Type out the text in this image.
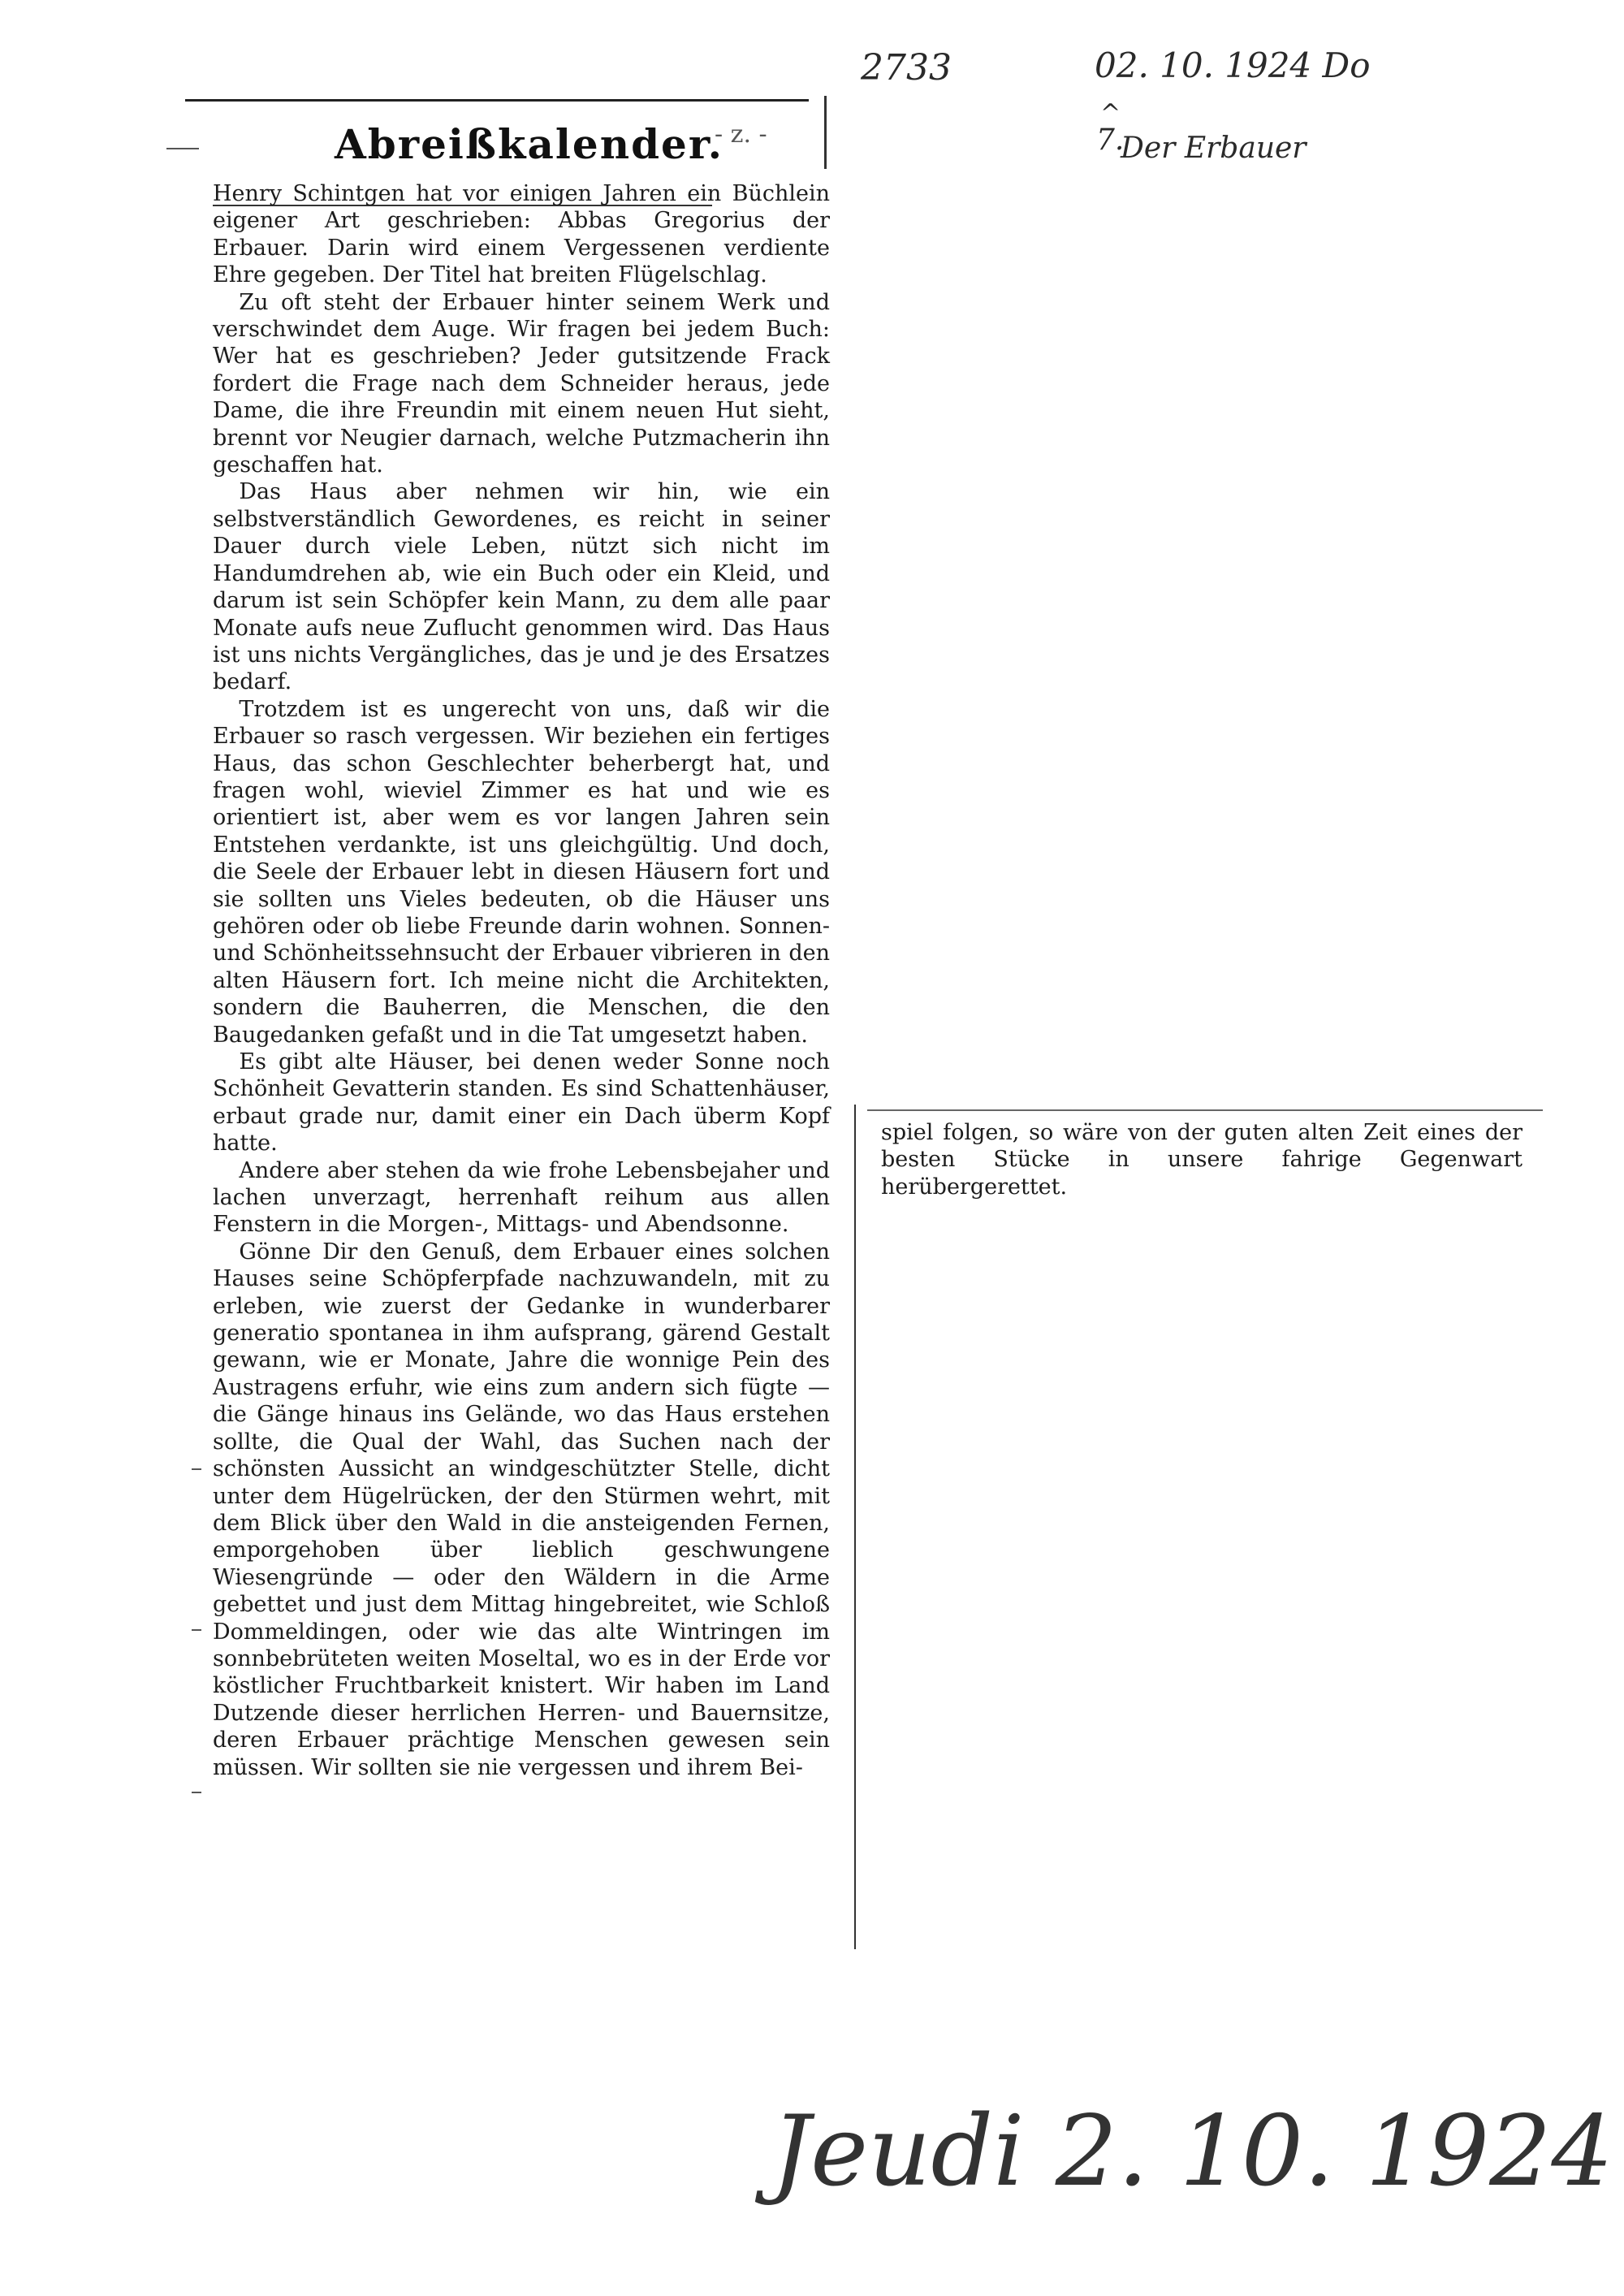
2733	02. 10. 1924 Do
7.
^
Der Erbauer
Abreißkalender.
- z. -

Henry Schintgen hat vor einigen Jahren ein Büchlein eigener Art geschrieben: Abbas Gregorius der Erbauer. Darin wird einem Vergessenen verdiente Ehre gegeben. Der Titel hat breiten Flügelschlag.

Zu oft steht der Erbauer hinter seinem Werk und verschwindet dem Auge. Wir fragen bei jedem Buch: Wer hat es geschrieben? Jeder gutsitzende Frack fordert die Frage nach dem Schneider heraus, jede Dame, die ihre Freundin mit einem neuen Hut sieht, brennt vor Neugier darnach, welche Putzmacherin ihn geschaffen hat.

Das Haus aber nehmen wir hin, wie ein selbstverständlich Gewordenes, es reicht in seiner Dauer durch viele Leben, nützt sich nicht im Handumdrehen ab, wie ein Buch oder ein Kleid, und darum ist sein Schöpfer kein Mann, zu dem alle paar Monate aufs neue Zuflucht genommen wird. Das Haus ist uns nichts Vergängliches, das je und je des Ersatzes bedarf.

Trotzdem ist es ungerecht von uns, daß wir die Erbauer so rasch vergessen. Wir beziehen ein fertiges Haus, das schon Geschlechter beherbergt hat, und fragen wohl, wieviel Zimmer es hat und wie es orientiert ist, aber wem es vor langen Jahren sein Entstehen verdankte, ist uns gleichgültig. Und doch, die Seele der Erbauer lebt in diesen Häusern fort und sie sollten uns Vieles bedeuten, ob die Häuser uns gehören oder ob liebe Freunde darin wohnen. Sonnen- und Schönheitssehnsucht der Erbauer vibrieren in den alten Häusern fort. Ich meine nicht die Architekten, sondern die Bauherren, die Menschen, die den Baugedanken gefaßt und in die Tat umgesetzt haben.

Es gibt alte Häuser, bei denen weder Sonne noch Schönheit Gevatterin standen. Es sind Schattenhäuser, erbaut grade nur, damit einer ein Dach überm Kopf hatte.

Andere aber stehen da wie frohe Lebensbejaher und lachen unverzagt, herrenhaft reihum aus allen Fenstern in die Morgen-, Mittags- und Abendsonne.

Gönne Dir den Genuß, dem Erbauer eines solchen Hauses seine Schöpferpfade nachzuwandeln, mit zu erleben, wie zuerst der Gedanke in wunderbarer generatio spontanea in ihm aufsprang, gärend Gestalt gewann, wie er Monate, Jahre die wonnige Pein des Austragens erfuhr, wie eins zum andern sich fügte — die Gänge hinaus ins Gelände, wo das Haus erstehen sollte, die Qual der Wahl, das Suchen nach der schönsten Aussicht an windgeschützter Stelle, dicht unter dem Hügelrücken, der den Stürmen wehrt, mit dem Blick über den Wald in die ansteigenden Fernen, emporgehoben über lieblich geschwungene Wiesengründe — oder den Wäldern in die Arme gebettet und just dem Mittag hingebreitet, wie Schloß Dommeldingen, oder wie das alte Wintringen im sonnbebrüteten weiten Moseltal, wo es in der Erde vor köstlicher Fruchtbarkeit knistert. Wir haben im Land Dutzende dieser herrlichen Herren- und Bauernsitze, deren Erbauer prächtige Menschen gewesen sein müssen. Wir sollten sie nie vergessen und ihrem Bei-

spiel folgen, so wäre von der guten alten Zeit eines der besten Stücke in unsere fahrige Gegenwart herübergerettet.

Jeudi 2. 10. 1924
